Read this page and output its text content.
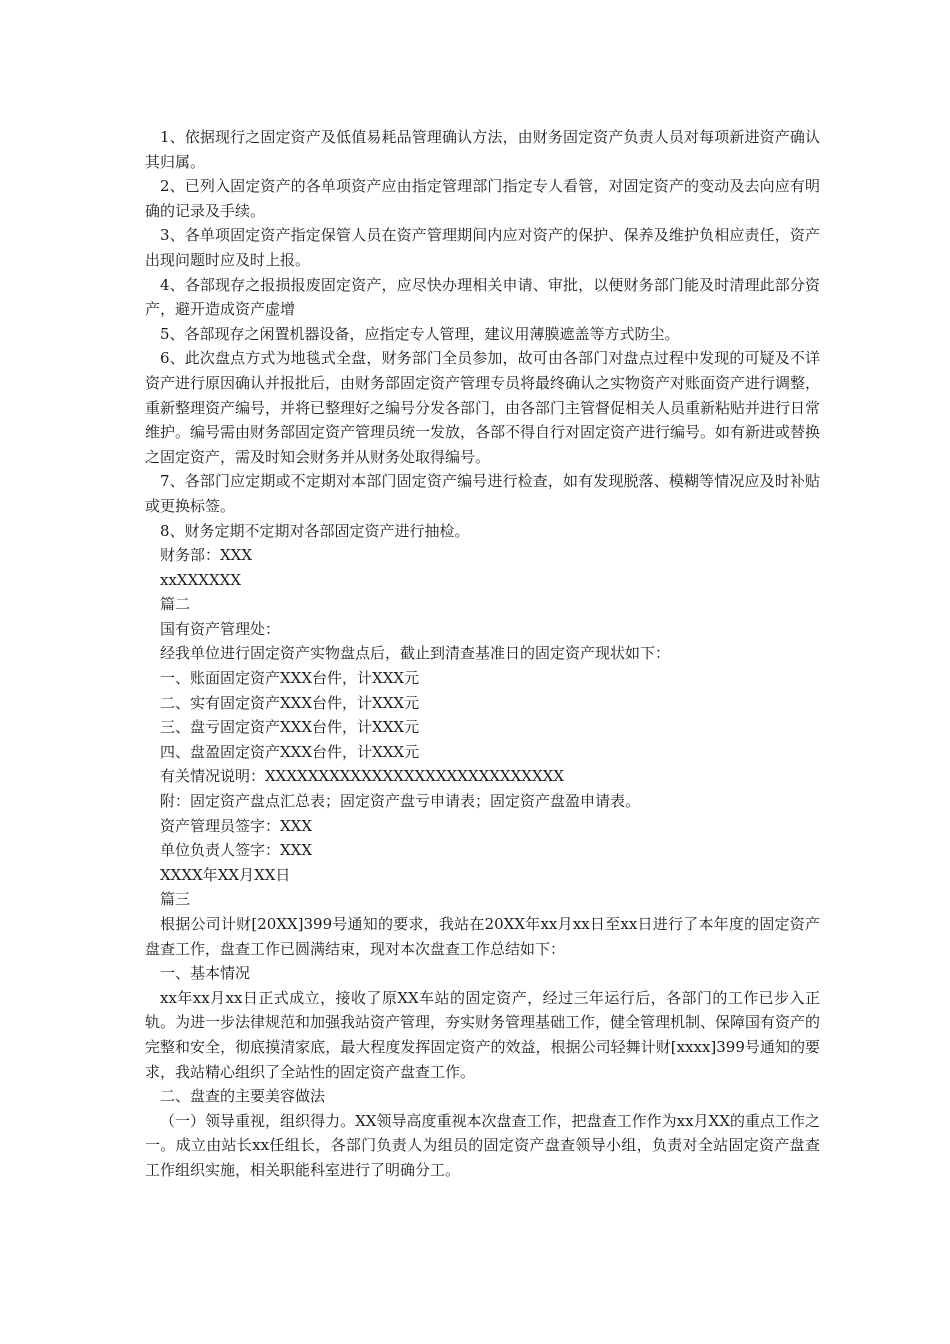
1、依据现行之固定资产及低值易耗品管理确认方法，由财务固定资产负责人员对每项新进资产确认其归属。

2、已列入固定资产的各单项资产应由指定管理部门指定专人看管，对固定资产的变动及去向应有明确的记录及手续。

3、各单项固定资产指定保管人员在资产管理期间内应对资产的保护、保养及维护负相应责任，资产出现问题时应及时上报。

4、各部现存之报损报废固定资产，应尽快办理相关申请、审批，以便财务部门能及时清理此部分资产，避开造成资产虚增

5、各部现存之闲置机器设备，应指定专人管理，建议用薄膜遮盖等方式防尘。

6、此次盘点方式为地毯式全盘，财务部门全员参加，故可由各部门对盘点过程中发现的可疑及不详资产进行原因确认并报批后，由财务部固定资产管理专员将最终确认之实物资产对账面资产进行调整，重新整理资产编号，并将已整理好之编号分发各部门，由各部门主管督促相关人员重新粘贴并进行日常维护。编号需由财务部固定资产管理员统一发放，各部不得自行对固定资产进行编号。如有新进或替换之固定资产，需及时知会财务并从财务处取得编号。

7、各部门应定期或不定期对本部门固定资产编号进行检查，如有发现脱落、模糊等情况应及时补贴或更换标签。

8、财务定期不定期对各部固定资产进行抽检。

财务部：XXX

xxXXXXXX

篇二

国有资产管理处：

经我单位进行固定资产实物盘点后，截止到清查基准日的固定资产现状如下：

一、账面固定资产XXX台件，计XXX元

二、实有固定资产XXX台件，计XXX元

三、盘亏固定资产XXX台件，计XXX元

四、盘盈固定资产XXX台件，计XXX元

有关情况说明：XXXXXXXXXXXXXXXXXXXXXXXXXXXX

附：固定资产盘点汇总表；固定资产盘亏申请表；固定资产盘盈申请表。

资产管理员签字：XXX

单位负责人签字：XXX

XXXX年XX月XX日

篇三

根据公司计财[20XX]399号通知的要求，我站在20XX年xx月xx日至xx日进行了本年度的固定资产盘查工作，盘查工作已圆满结束，现对本次盘查工作总结如下：

一、基本情况

xx年xx月xx日正式成立，接收了原XX车站的固定资产，经过三年运行后，各部门的工作已步入正轨。为进一步法律规范和加强我站资产管理，夯实财务管理基础工作，健全管理机制、保障国有资产的完整和安全，彻底摸清家底，最大程度发挥固定资产的效益，根据公司轻舞计财[xxxx]399号通知的要求，我站精心组织了全站性的固定资产盘查工作。

二、盘查的主要美容做法

（一）领导重视，组织得力。XX领导高度重视本次盘查工作，把盘查工作作为xx月XX的重点工作之一。成立由站长xx任组长，各部门负责人为组员的固定资产盘查领导小组，负责对全站固定资产盘查工作组织实施，相关职能科室进行了明确分工。
